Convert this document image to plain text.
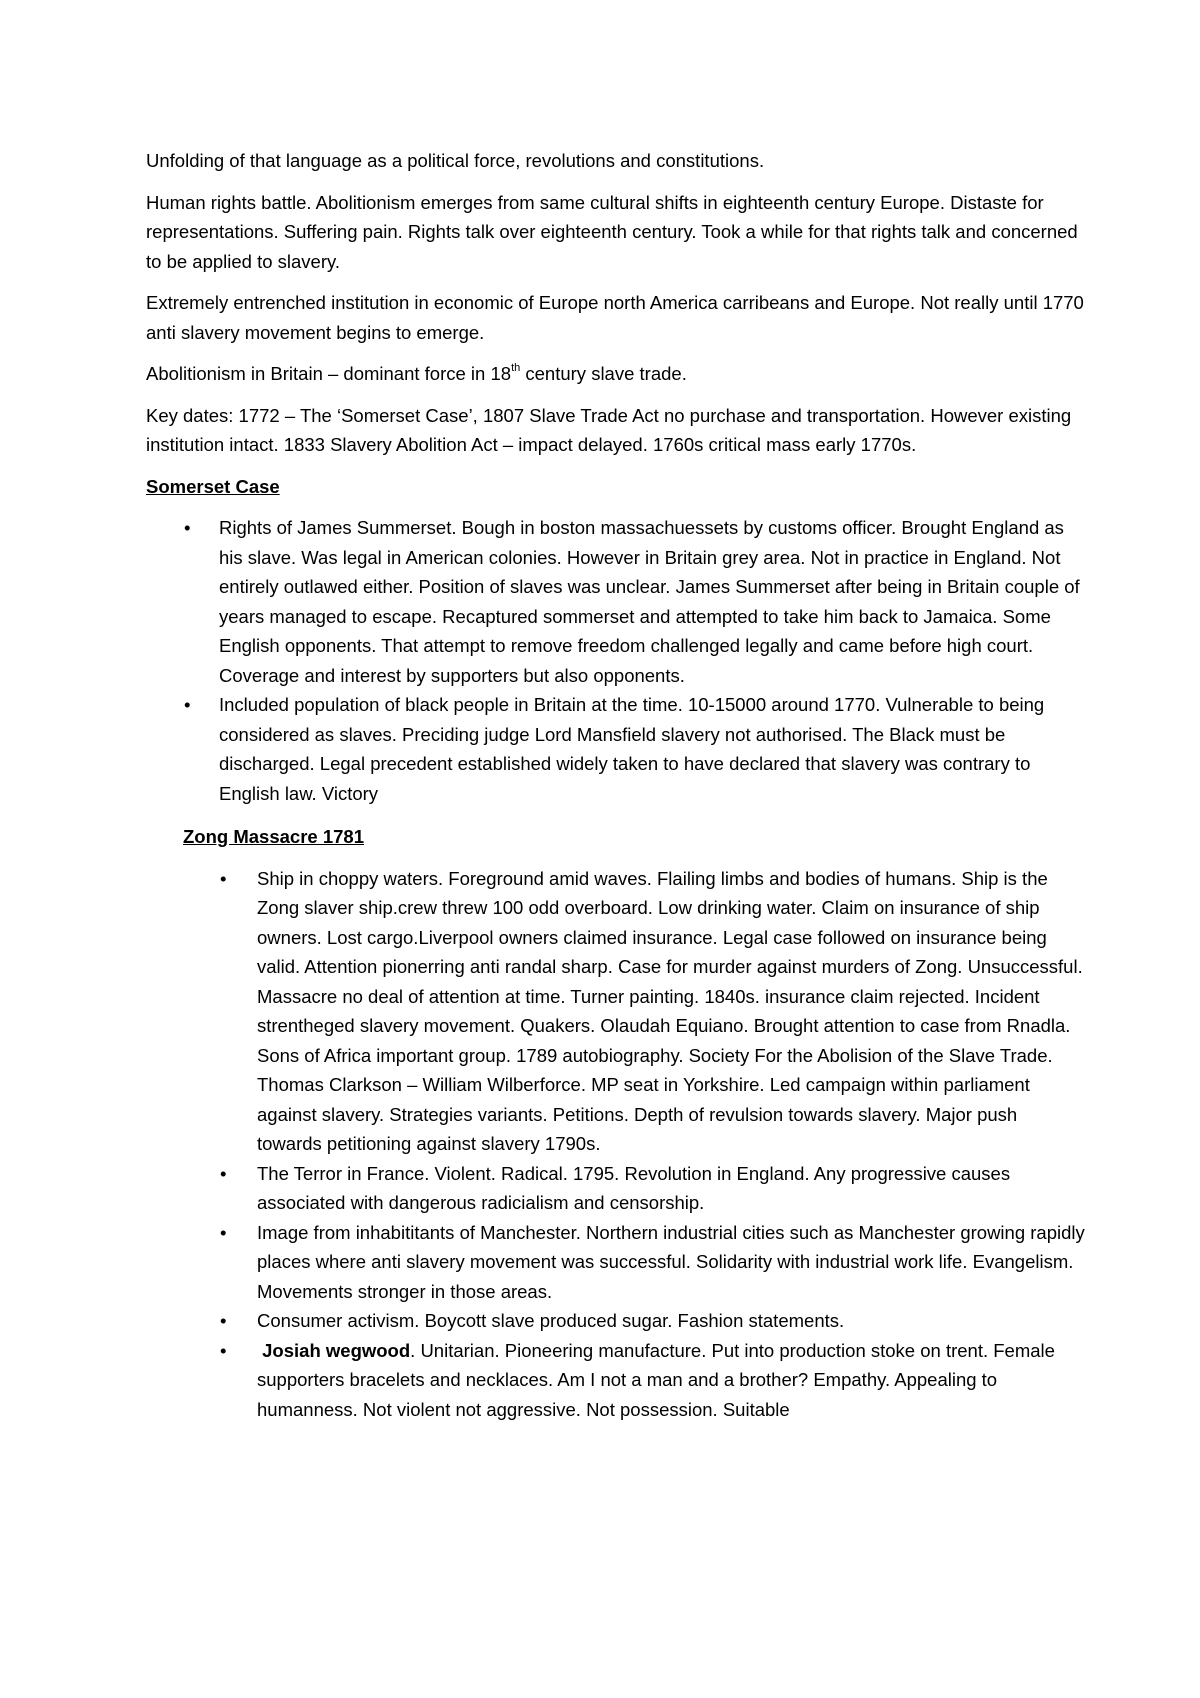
Unfolding of that language as a political force, revolutions and constitutions.

Human rights battle. Abolitionism emerges from same cultural shifts in eighteenth century Europe. Distaste for representations. Suffering pain. Rights talk over eighteenth century. Took a while for that rights talk and concerned to be applied to slavery.

Extremely entrenched institution in economic of Europe north America carribeans and Europe. Not really until 1770 anti slavery movement begins to emerge.

Abolitionism in Britain – dominant force in 18th century slave trade.

Key dates: 1772 – The ‘Somerset Case’, 1807 Slave Trade Act no purchase and transportation. However existing institution intact. 1833 Slavery Abolition Act – impact delayed. 1760s critical mass early 1770s.

Somerset Case
• Rights of James Summerset. Bough in boston massachuessets by customs officer. Brought England as his slave. Was legal in American colonies. However in Britain grey area. Not in practice in England. Not entirely outlawed either. Position of slaves was unclear. James Summerset after being in Britain couple of years managed to escape. Recaptured sommerset and attempted to take him back to Jamaica. Some English opponents. That attempt to remove freedom challenged legally and came before high court. Coverage and interest by supporters but also opponents.
• Included population of black people in Britain at the time. 10-15000 around 1770. Vulnerable to being considered as slaves. Preciding judge Lord Mansfield slavery not authorised. The Black must be discharged. Legal precedent established widely taken to have declared that slavery was contrary to English law. Victory
Zong Massacre 1781
• Ship in choppy waters. Foreground amid waves. Flailing limbs and bodies of humans. Ship is the Zong slaver ship.crew threw 100 odd overboard. Low drinking water. Claim on insurance of ship owners. Lost cargo.Liverpool owners claimed insurance. Legal case followed on insurance being valid. Attention pionerring anti randal sharp. Case for murder against murders of Zong. Unsuccessful. Massacre no deal of attention at time. Turner painting. 1840s. insurance claim rejected. Incident strentheged slavery movement. Quakers. Olaudah Equiano. Brought attention to case from Rnadla. Sons of Africa important group. 1789 autobiography. Society For the Abolision of the Slave Trade. Thomas Clarkson – William Wilberforce. MP seat in Yorkshire. Led campaign within parliament against slavery. Strategies variants. Petitions. Depth of revulsion towards slavery. Major push towards petitioning against slavery 1790s.
• The Terror in France. Violent. Radical. 1795. Revolution in England. Any progressive causes associated with dangerous radicialism and censorship.
• Image from inhabititants of Manchester. Northern industrial cities such as Manchester growing rapidly places where anti slavery movement was successful. Solidarity with industrial work life. Evangelism. Movements stronger in those areas.
• Consumer activism. Boycott slave produced sugar. Fashion statements.
• Josiah wegwood. Unitarian. Pioneering manufacture. Put into production stoke on trent. Female supporters bracelets and necklaces. Am I not a man and a brother? Empathy. Appealing to humanness. Not violent not aggressive. Not possession. Suitable
